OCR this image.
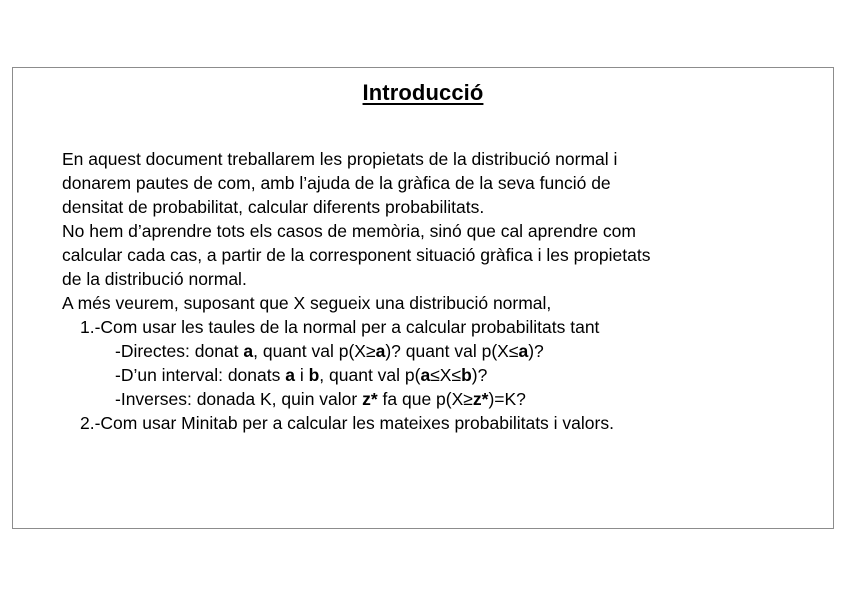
Introducció
En aquest document treballarem les propietats de la distribució normal i
donarem pautes de com, amb l’ajuda de la gràfica de la seva funció de
densitat de probabilitat, calcular diferents probabilitats.
No hem d’aprendre tots els casos de memòria, sinó que cal aprendre com
calcular cada cas, a partir de la corresponent situació gràfica i les propietats
de la distribució normal.
A més veurem, suposant que X segueix una distribució normal,
1.-Com usar les taules de la normal per a calcular probabilitats tant
-Directes: donat a, quant val p(X≥a)? quant val p(X≤a)?
-D’un interval: donats a i b, quant val p(a≤X≤b)?
-Inverses: donada K, quin valor z* fa que p(X≥z*)=K?
2.-Com usar Minitab per a calcular les mateixes probabilitats i valors.
